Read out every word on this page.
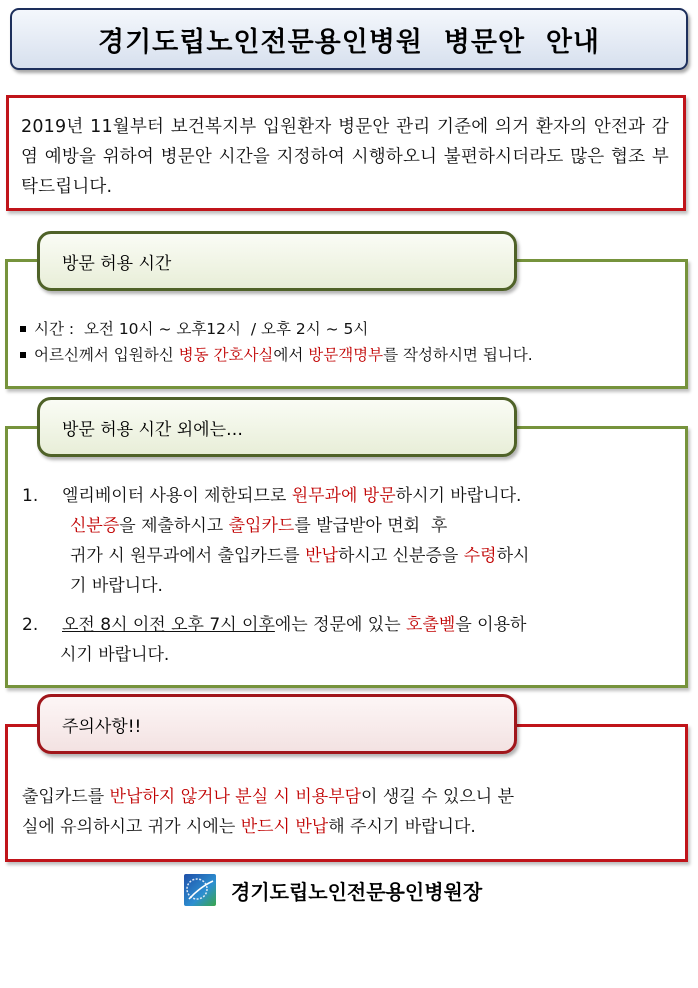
경기도립노인전문용인병원  병문안  안내
2019년 11월부터 보건복지부 입원환자 병문안 관리 기준에 의거 환자의 안전과 감염 예방을 위하여 병문안 시간을 지정하여 시행하오니 불편하시더라도 많은 협조 부탁드립니다.
방문 허용 시간
시간 :  오전 10시 ~ 오후12시  / 오후 2시 ~ 5시
어르신께서 입원하신 병동 간호사실 에서 방문객명부 를 작성하시면 됩니다.
방문 허용 시간 외에는…
1. 엘리베이터 사용이 제한되므로 원무과에 방문하시기 바랍니다.
신분증을 제출하시고 출입카드를 발급받아 면회  후
귀가 시 원무과에서 출입카드를 반납하시고 신분증을 수령하시
기 바랍니다.
2. 오전 8시 이전 오후 7시 이후에는 정문에 있는 호출벨을 이용하
시기 바랍니다.
주의사항!!
출입카드를 반납하지 않거나 분실 시 비용부담이 생길 수 있으니 분
실에 유의하시고 귀가 시에는 반드시 반납해 주시기 바랍니다.
경기도립노인전문용인병원장
